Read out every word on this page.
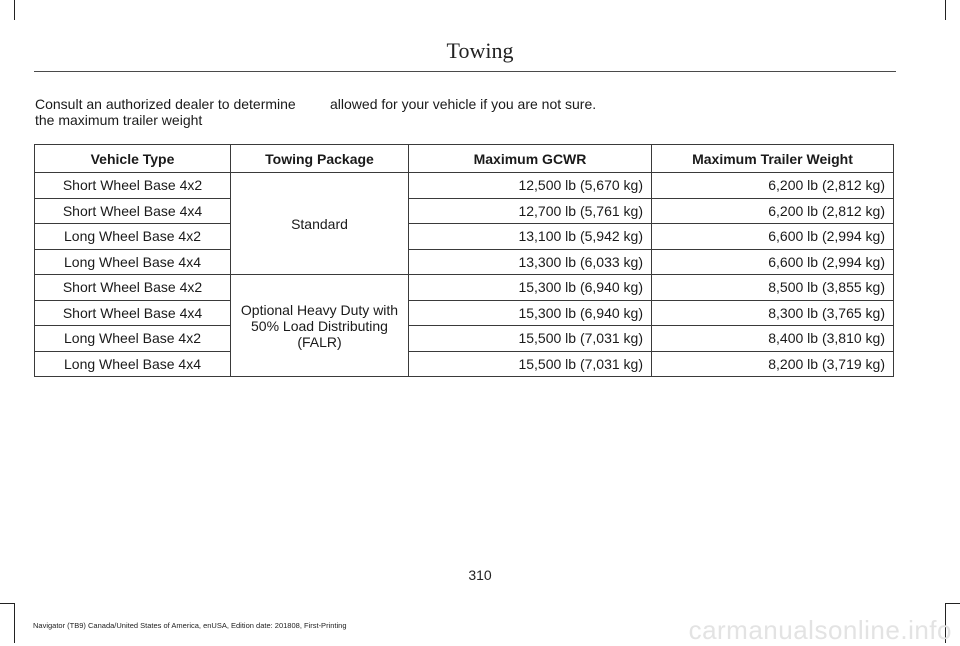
Towing
Consult an authorized dealer to determine the maximum trailer weight
allowed for your vehicle if you are not sure.
Vehicle Type	Towing Package	Maximum GCWR	Maximum Trailer Weight
Short Wheel Base 4x2	Standard	12,500 lb (5,670 kg)	6,200 lb (2,812 kg)
Short Wheel Base 4x4		12,700 lb (5,761 kg)	6,200 lb (2,812 kg)
Long Wheel Base 4x2		13,100 lb (5,942 kg)	6,600 lb (2,994 kg)
Long Wheel Base 4x4		13,300 lb (6,033 kg)	6,600 lb (2,994 kg)
Short Wheel Base 4x2	Optional Heavy Duty with 50% Load Distributing (FALR)	15,300 lb (6,940 kg)	8,500 lb (3,855 kg)
Short Wheel Base 4x4		15,300 lb (6,940 kg)	8,300 lb (3,765 kg)
Long Wheel Base 4x2		15,500 lb (7,031 kg)	8,400 lb (3,810 kg)
Long Wheel Base 4x4		15,500 lb (7,031 kg)	8,200 lb (3,719 kg)
310
Navigator (TB9) Canada/United States of America, enUSA, Edition date: 201808, First-Printing	carmanualsonline.info
